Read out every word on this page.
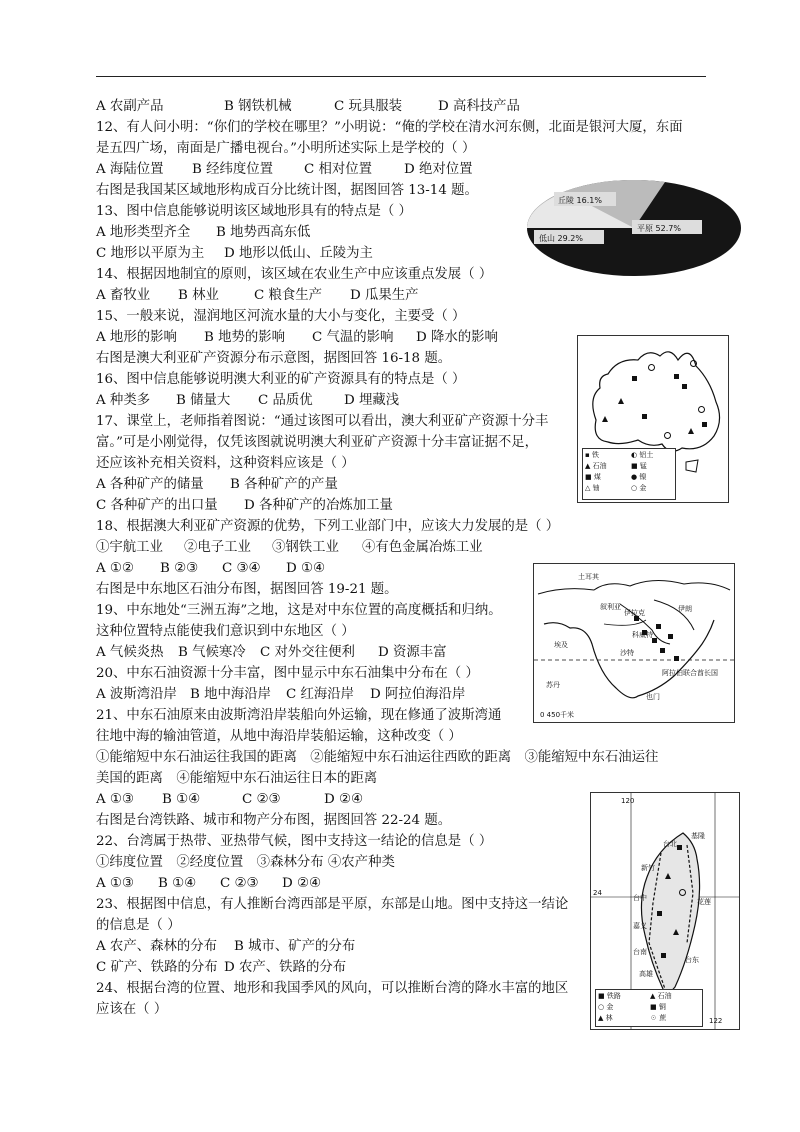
A 农副产品	B 钢铁机械	C 玩具服装	D 高科技产品
12、有人问小明：“你们的学校在哪里？”小明说：“俺的学校在清水河东侧，北面是银河大厦，东面
是五四广场，南面是广播电视台。”小明所述实际上是学校的（ ）
A 海陆位置 B 经纬度位置 C 相对位置 D 绝对位置
右图是我国某区域地形构成百分比统计图，据图回答 13-14 题。
13、图中信息能够说明该区域地形具有的特点是（ ）
A 地形类型齐全 B 地势西高东低
C 地形以平原为主 D 地形以低山、丘陵为主
14、根据因地制宜的原则，该区域在农业生产中应该重点发展（ ）
A 畜牧业 B 林业	C 粮食生产 D 瓜果生产
15、一般来说，湿润地区河流水量的大小与变化，主要受（ ）
A 地形的影响 B 地势的影响 C 气温的影响 D 降水的影响
右图是澳大利亚矿产资源分布示意图，据图回答 16-18 题。
16、图中信息能够说明澳大利亚的矿产资源具有的特点是（ ）
A 种类多 B 储量大 C 品质优 D 埋藏浅
17、课堂上，老师指着图说：“通过该图可以看出，澳大利亚矿产资源十分丰
富。”可是小刚觉得，仅凭该图就说明澳大利亚矿产资源十分丰富证据不足，
还应该补充相关资料，这种资料应该是（ ）
A 各种矿产的储量 B 各种矿产的产量
C 各种矿产的出口量 D 各种矿产的冶炼加工量
18、根据澳大利亚矿产资源的优势，下列工业部门中，应该大力发展的是（ ）
①宇航工业 ②电子工业 ③钢铁工业 ④有色金属冶炼工业
A ①② B ②③ C ③④ D ①④
右图是中东地区石油分布图，据图回答 19-21 题。
19、中东地处“三洲五海”之地，这是对中东位置的高度概括和归纳。
这种位置特点能使我们意识到中东地区（ ）
A 气候炎热 B 气候寒冷 C 对外交往便利 D 资源丰富
20、中东石油资源十分丰富，图中显示中东石油集中分布在（ ）
A 波斯湾沿岸 B 地中海沿岸 C 红海沿岸 D 阿拉伯海沿岸
21、中东石油原来由波斯湾沿岸装船向外运输，现在修通了波斯湾通
往地中海的输油管道，从地中海沿岸装船运输，这种改变（ ）
①能缩短中东石油运往我国的距离　②能缩短中东石油运往西欧的距离　③能缩短中东石油运往
美国的距离　④能缩短中东石油运往日本的距离
A ①③ B ①④	C ②③	D ②④
右图是台湾铁路、城市和物产分布图，据图回答 22-24 题。
22、台湾属于热带、亚热带气候，图中支持这一结论的信息是（ ）
①纬度位置　②经度位置　③森林分布 ④农产种类
A ①③ B ①④ C ②③ D ②④
23、根据图中信息，有人推断台湾西部是平原，东部是山地。图中支持这一结论
的信息是（ ）
A 农产、森林的分布 B 城市、矿产的分布
C 矿产、铁路的分布 D 农产、铁路的分布
24、根据台湾的位置、地形和我国季风的风向，可以推断台湾的降水丰富的地区
应该在（ ）
丘陵 16.1%
平原 52.7%
低山 29.2%
▪ 铁
▲ 石油
■ 煤
△ 铀
◐ 铝土
■ 锰
● 镍
○ 金
土耳其
叙利亚
伊拉克	伊朗
科威特
沙特
阿拉伯联合酋长国
埃及
苏丹
也门
0 450千米
基隆
台北
新竹
台中
嘉义
台南
高雄
花莲
台东
24
120
122
■ 铁路	▲ 石油
○ 金	■ 铜
▲ 林	☉ 蔗
